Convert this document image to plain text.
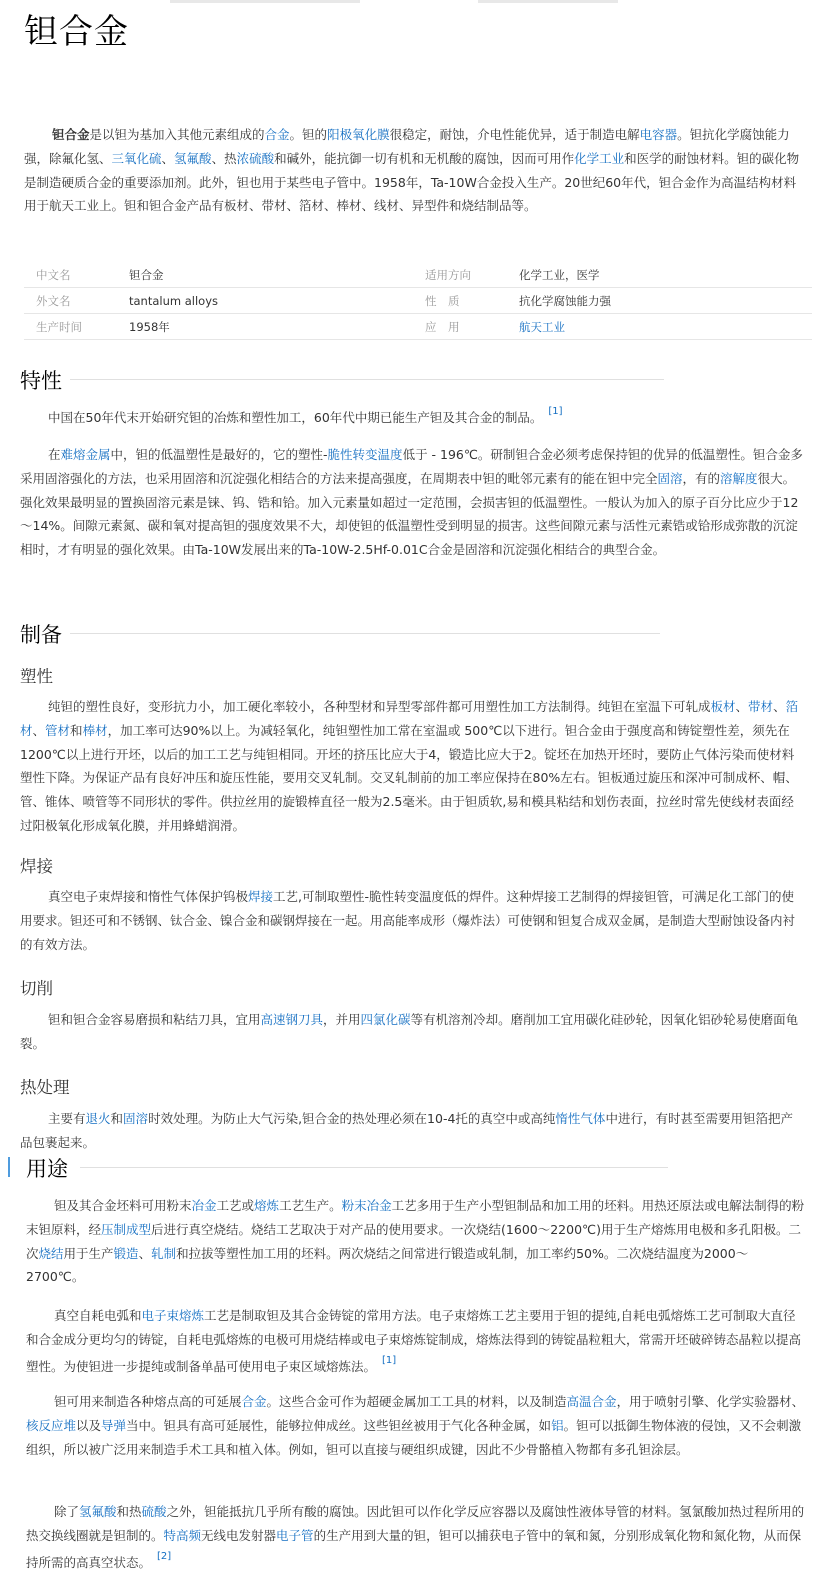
钽合金

钽合金是以钽为基加入其他元素组成的合金。钽的阳极氧化膜很稳定，耐蚀，介电性能优异，适于制造电解电容器。钽抗化学腐蚀能力强，除氟化氢、三氧化硫、氢氟酸、热浓硫酸和碱外，能抗御一切有机和无机酸的腐蚀，因而可用作化学工业和医学的耐蚀材料。钽的碳化物是制造硬质合金的重要添加剂。此外，钽也用于某些电子管中。1958年，Ta-10W合金投入生产。20世纪60年代，钽合金作为高温结构材料用于航天工业上。钽和钽合金产品有板材、带材、箔材、棒材、线材、异型件和烧结制品等。

中文名	钽合金	适用方向	化学工业，医学
外文名	tantalum alloys	性　质	抗化学腐蚀能力强
生产时间	1958年	应　用	航天工业
特性

中国在50年代末开始研究钽的冶炼和塑性加工，60年代中期已能生产钽及其合金的制品。 [1]

在难熔金属中，钽的低温塑性是最好的，它的塑性-脆性转变温度低于 - 196℃。研制钽合金必须考虑保持钽的优异的低温塑性。钽合金多采用固溶强化的方法，也采用固溶和沉淀强化相结合的方法来提高强度，在周期表中钽的毗邻元素有的能在钽中完全固溶，有的溶解度很大。强化效果最明显的置换固溶元素是铼、钨、锆和铪。加入元素量如超过一定范围，会损害钽的低温塑性。一般认为加入的原子百分比应少于12～14%。间隙元素氮、碳和氧对提高钽的强度效果不大，却使钽的低温塑性受到明显的损害。这些间隙元素与活性元素锆或铪形成弥散的沉淀相时，才有明显的强化效果。由Ta-10W发展出来的Ta-10W-2.5Hf-0.01C合金是固溶和沉淀强化相结合的典型合金。

制备
塑性

纯钽的塑性良好，变形抗力小，加工硬化率较小，各种型材和异型零部件都可用塑性加工方法制得。纯钽在室温下可轧成板材、带材、箔材、管材和棒材，加工率可达90%以上。为减轻氧化，纯钽塑性加工常在室温或 500℃以下进行。钽合金由于强度高和铸锭塑性差，须先在1200℃以上进行开坯，以后的加工工艺与纯钽相同。开坯的挤压比应大于4，锻造比应大于2。锭坯在加热开坯时，要防止气体污染而使材料塑性下降。为保证产品有良好冲压和旋压性能，要用交叉轧制。交叉轧制前的加工率应保持在80%左右。钽板通过旋压和深冲可制成杯、帽、管、锥体、喷管等不同形状的零件。供拉丝用的旋锻棒直径一般为2.5毫米。由于钽质软,易和模具粘结和划伤表面，拉丝时常先使线材表面经过阳极氧化形成氧化膜，并用蜂蜡润滑。

焊接

真空电子束焊接和惰性气体保护钨极焊接工艺,可制取塑性-脆性转变温度低的焊件。这种焊接工艺制得的焊接钽管，可满足化工部门的使用要求。钽还可和不锈钢、钛合金、镍合金和碳钢焊接在一起。用高能率成形（爆炸法）可使钢和钽复合成双金属，是制造大型耐蚀设备内衬的有效方法。

切削

钽和钽合金容易磨损和粘结刀具，宜用高速钢刀具，并用四氯化碳等有机溶剂冷却。磨削加工宜用碳化硅砂轮，因氧化铝砂轮易使磨面龟裂。

热处理

主要有退火和固溶时效处理。为防止大气污染,钽合金的热处理必须在10-4托的真空中或高纯惰性气体中进行，有时甚至需要用钽箔把产品包裹起来。

用途

钽及其合金坯料可用粉末冶金工艺或熔炼工艺生产。粉末冶金工艺多用于生产小型钽制品和加工用的坯料。用热还原法或电解法制得的粉末钽原料，经压制成型后进行真空烧结。烧结工艺取决于对产品的使用要求。一次烧结(1600～2200℃)用于生产熔炼用电极和多孔阳极。二次烧结用于生产锻造、轧制和拉拔等塑性加工用的坯料。两次烧结之间常进行锻造或轧制，加工率约50%。二次烧结温度为2000～2700℃。

真空自耗电弧和电子束熔炼工艺是制取钽及其合金铸锭的常用方法。电子束熔炼工艺主要用于钽的提纯,自耗电弧熔炼工艺可制取大直径和合金成分更均匀的铸锭，自耗电弧熔炼的电极可用烧结棒或电子束熔炼锭制成，熔炼法得到的铸锭晶粒粗大，常需开坯破碎铸态晶粒以提高塑性。为使钽进一步提纯或制备单晶可使用电子束区域熔炼法。 [1]

钽可用来制造各种熔点高的可延展合金。这些合金可作为超硬金属加工工具的材料，以及制造高温合金，用于喷射引擎、化学实验器材、核反应堆以及导弹当中。钽具有高可延展性，能够拉伸成丝。这些钽丝被用于气化各种金属，如铝。钽可以抵御生物体液的侵蚀，又不会刺激组织，所以被广泛用来制造手术工具和植入体。例如，钽可以直接与硬组织成键，因此不少骨骼植入物都有多孔钽涂层。

除了氢氟酸和热硫酸之外，钽能抵抗几乎所有酸的腐蚀。因此钽可以作化学反应容器以及腐蚀性液体导管的材料。氢氯酸加热过程所用的热交换线圈就是钽制的。特高频无线电发射器电子管的生产用到大量的钽，钽可以捕获电子管中的氧和氮，分别形成氧化物和氮化物，从而保持所需的高真空状态。 [2]
